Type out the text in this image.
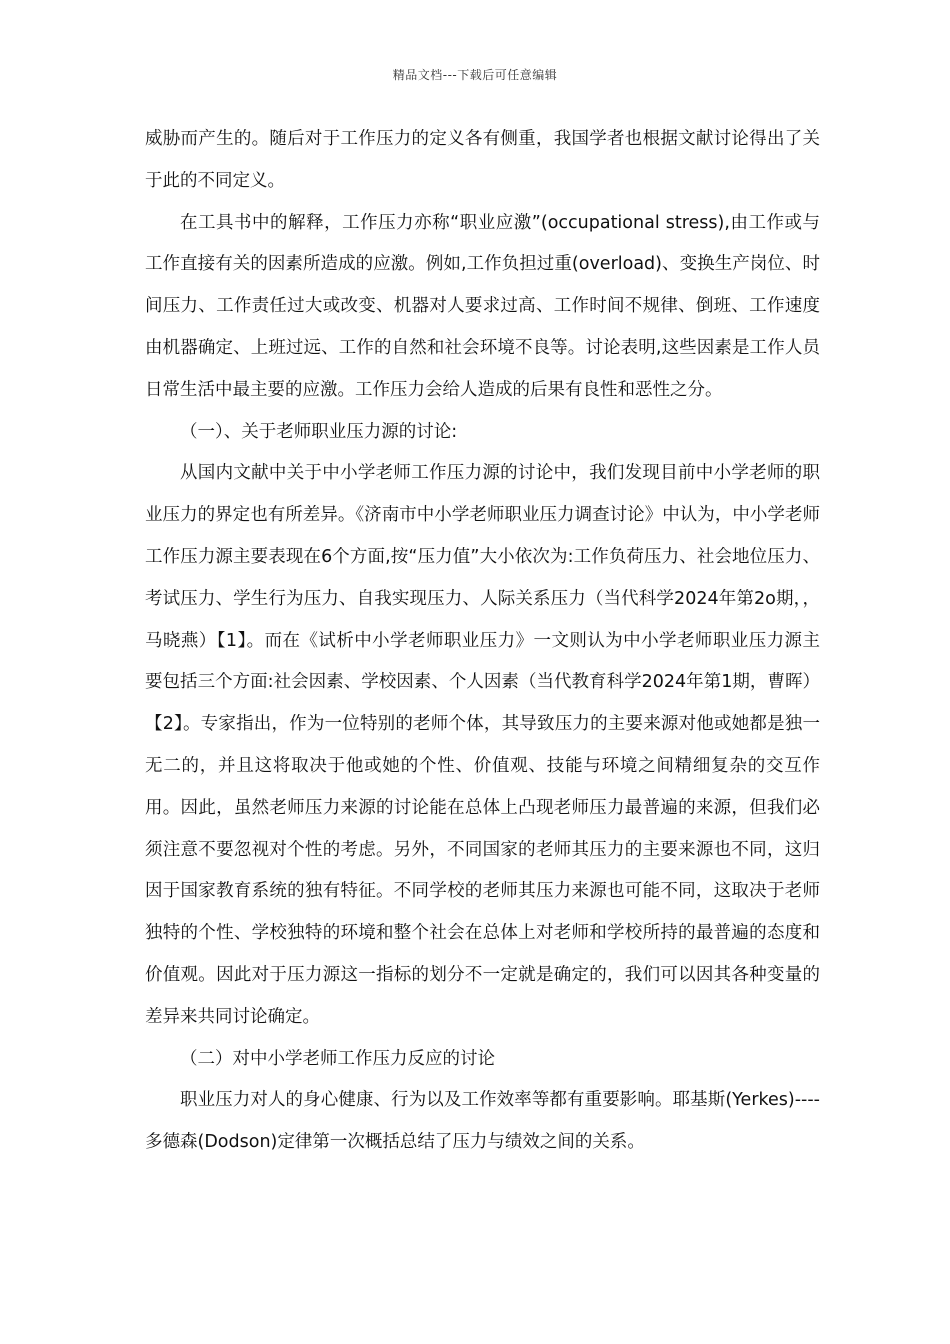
精品文档---下载后可任意编辑

威胁而产生的。随后对于工作压力的定义各有侧重，我国学者也根据文献讨论得出了关于此的不同定义。

在工具书中的解释，工作压力亦称“职业应激”(occupational stress),由工作或与工作直接有关的因素所造成的应激。例如,工作负担过重(overload)、变换生产岗位、时间压力、工作责任过大或改变、机器对人要求过高、工作时间不规律、倒班、工作速度由机器确定、上班过远、工作的自然和社会环境不良等。讨论表明,这些因素是工作人员日常生活中最主要的应激。工作压力会给人造成的后果有良性和恶性之分。

（一）、关于老师职业压力源的讨论:

从国内文献中关于中小学老师工作压力源的讨论中，我们发现目前中小学老师的职业压力的界定也有所差异。《济南市中小学老师职业压力调查讨论》中认为，中小学老师工作压力源主要表现在6个方面,按“压力值”大小依次为:工作负荷压力、社会地位压力、考试压力、学生行为压力、自我实现压力、人际关系压力（当代科学2024年第2o期，，马晓燕）【1】。而在《试析中小学老师职业压力》一文则认为中小学老师职业压力源主要包括三个方面:社会因素、学校因素、个人因素（当代教育科学2024年第1期，曹晖）【2】。专家指出，作为一位特别的老师个体，其导致压力的主要来源对他或她都是独一无二的，并且这将取决于他或她的个性、价值观、技能与环境之间精细复杂的交互作用。因此，虽然老师压力来源的讨论能在总体上凸现老师压力最普遍的来源，但我们必须注意不要忽视对个性的考虑。另外，不同国家的老师其压力的主要来源也不同，这归因于国家教育系统的独有特征。不同学校的老师其压力来源也可能不同，这取决于老师独特的个性、学校独特的环境和整个社会在总体上对老师和学校所持的最普遍的态度和价值观。因此对于压力源这一指标的划分不一定就是确定的，我们可以因其各种变量的差异来共同讨论确定。

（二）对中小学老师工作压力反应的讨论

职业压力对人的身心健康、行为以及工作效率等都有重要影响。耶基斯(Yerkes)----多德森(Dodson)定律第一次概括总结了压力与绩效之间的关系。
